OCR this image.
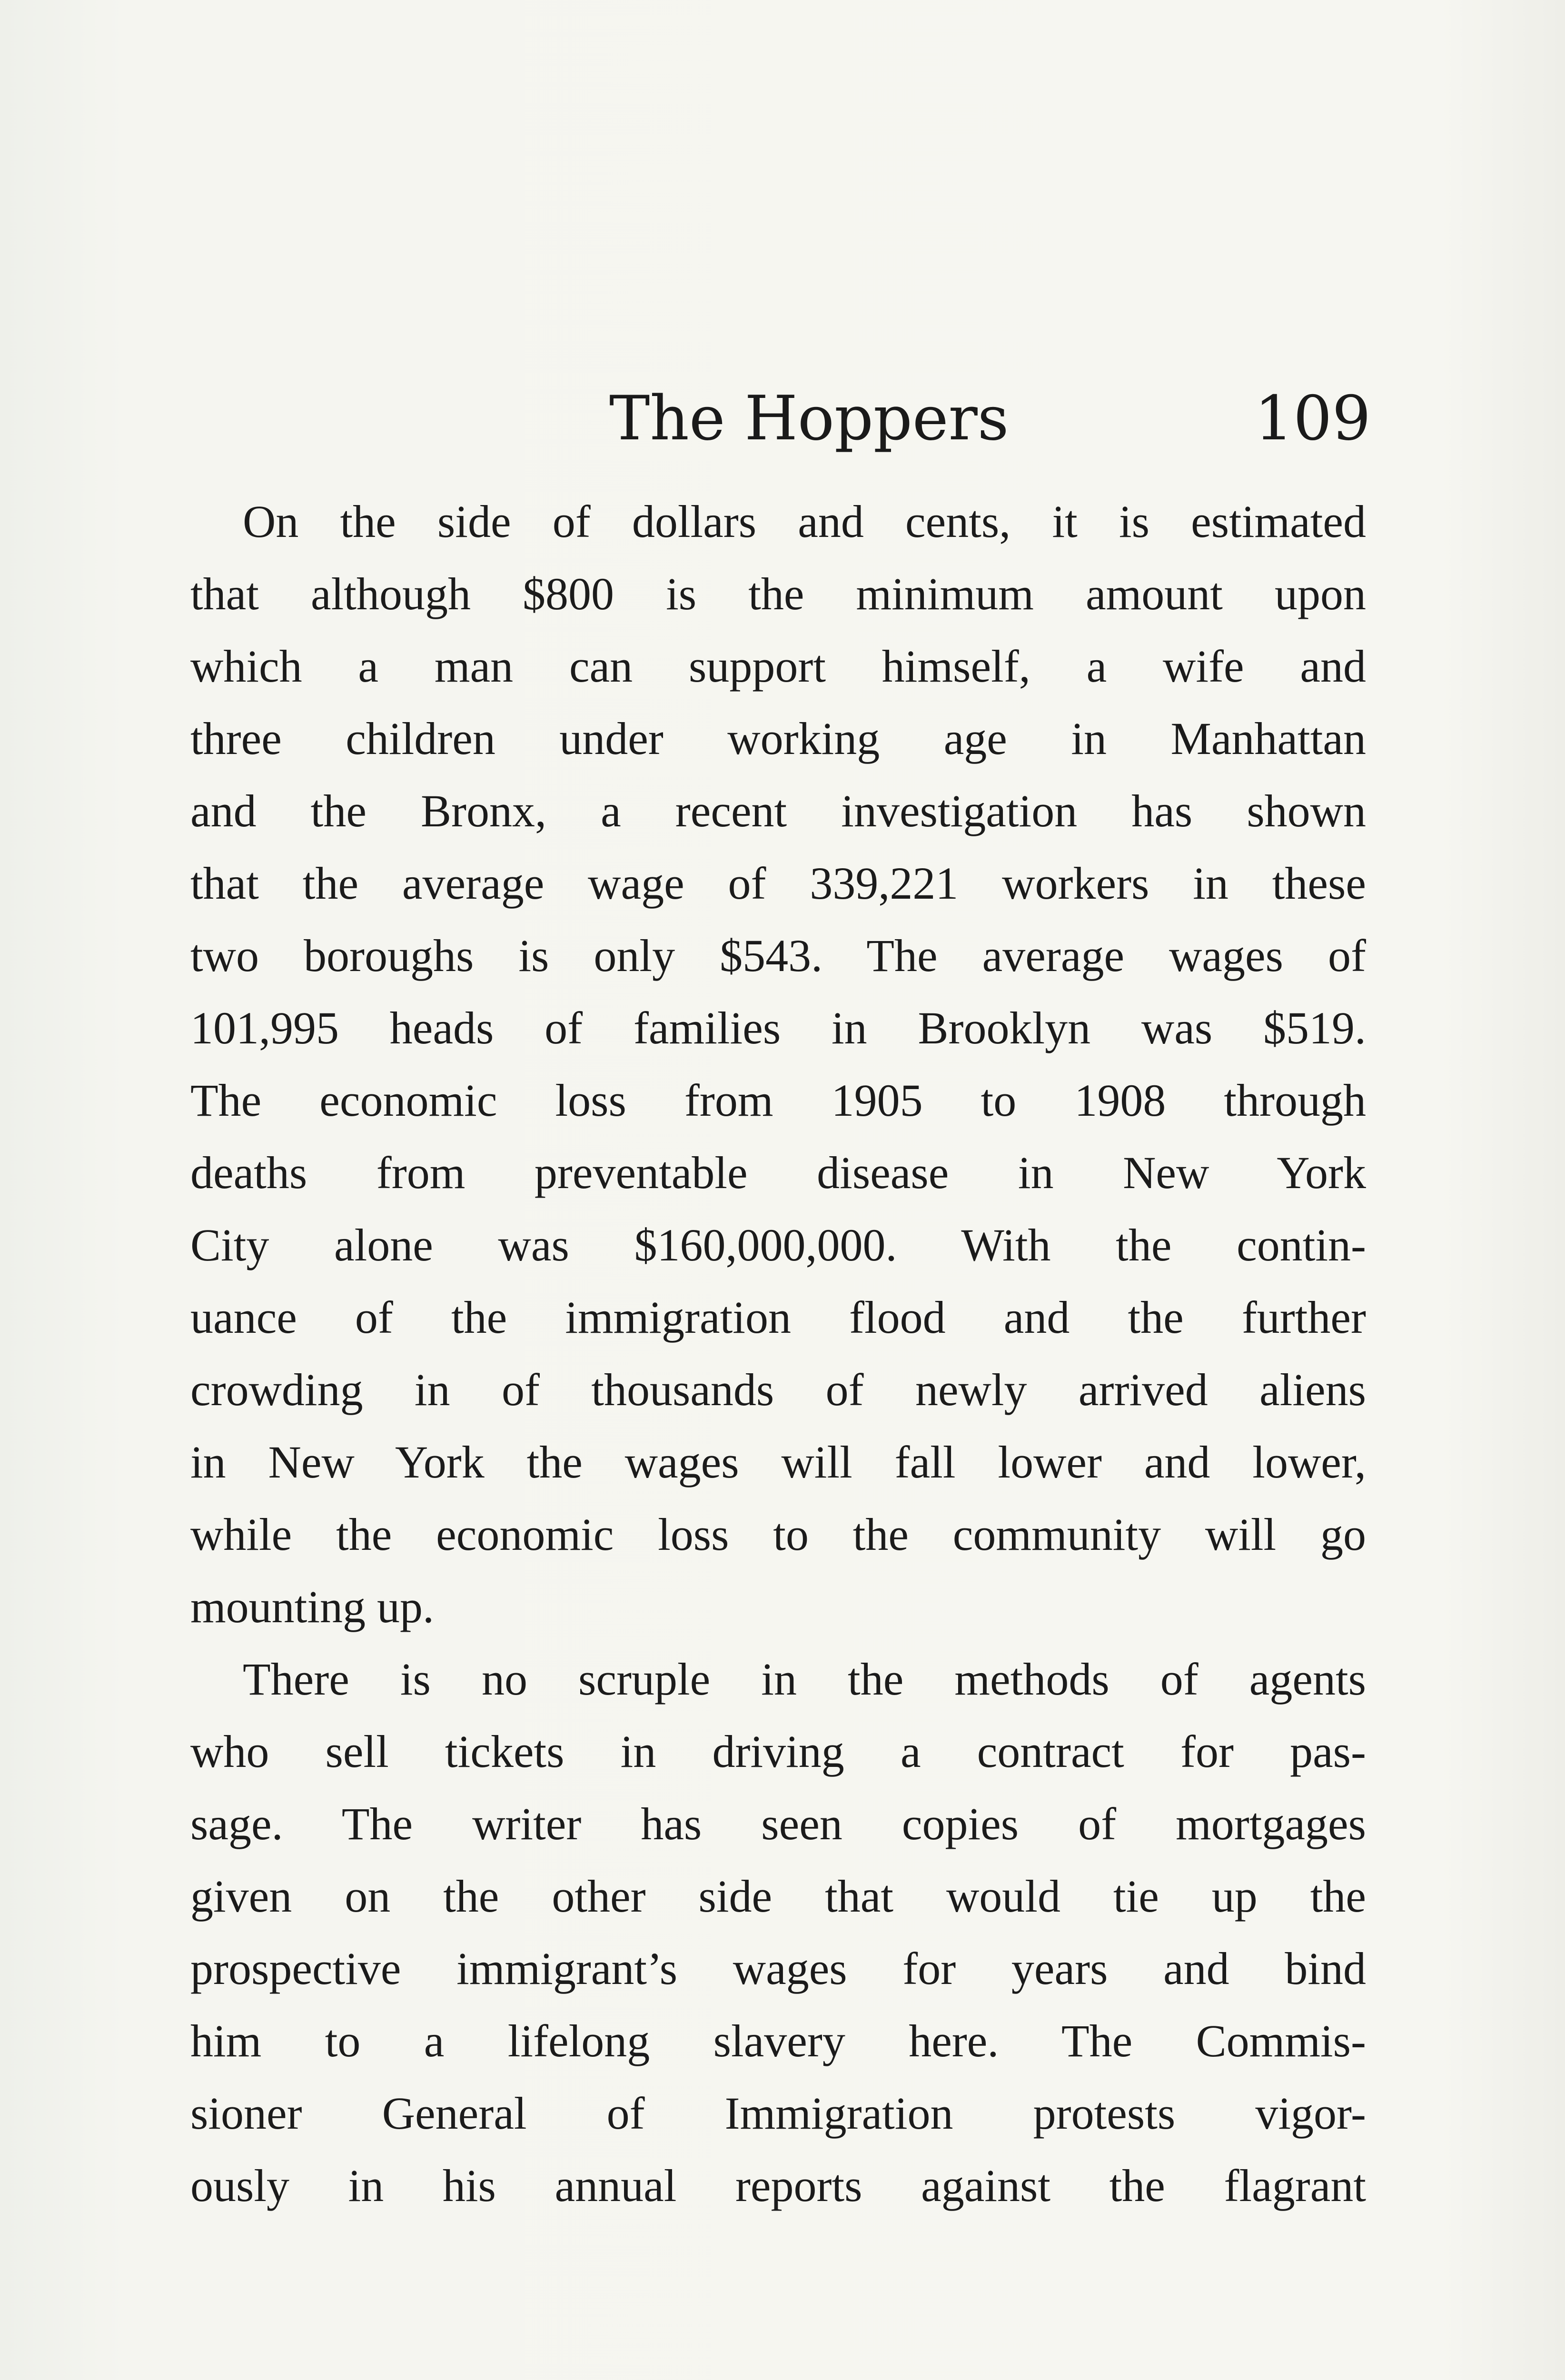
The Hoppers	109

On the side of dollars and cents, it is estimated
that although $800 is the minimum amount upon
which a man can support himself, a wife and
three children under working age in Manhattan
and the Bronx, a recent investigation has shown
that the average wage of 339,221 workers in these
two boroughs is only $543. The average wages of
101,995 heads of families in Brooklyn was $519.
The economic loss from 1905 to 1908 through
deaths from preventable disease in New York
City alone was $160,000,000. With the contin-
uance of the immigration flood and the further
crowding in of thousands of newly arrived aliens
in New York the wages will fall lower and lower,
while the economic loss to the community will go
mounting up.

There is no scruple in the methods of agents
who sell tickets in driving a contract for pas-
sage. The writer has seen copies of mortgages
given on the other side that would tie up the
prospective immigrant’s wages for years and bind
him to a lifelong slavery here. The Commis-
sioner General of Immigration protests vigor-
ously in his annual reports against the flagrant
